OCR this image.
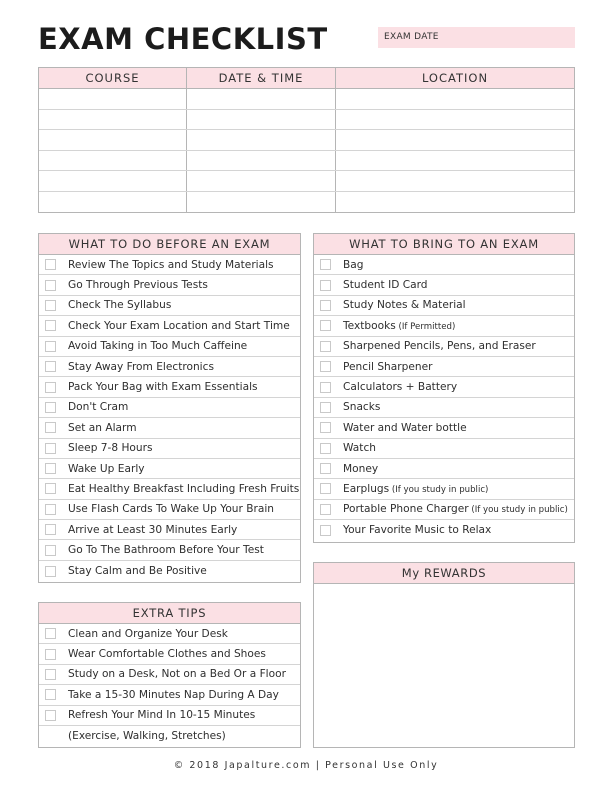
EXAM CHECKLIST	EXAM DATE
COURSE	DATE & TIME	LOCATION
WHAT TO DO BEFORE AN EXAM
Review The Topics and Study Materials
Go Through Previous Tests
Check The Syllabus
Check Your Exam Location and Start Time
Avoid Taking in Too Much Caffeine
Stay Away From Electronics
Pack Your Bag with Exam Essentials
Don't Cram
Set an Alarm
Sleep 7-8 Hours
Wake Up Early
Eat Healthy Breakfast Including Fresh Fruits
Use Flash Cards To Wake Up Your Brain
Arrive at Least 30 Minutes Early
Go To The Bathroom Before Your Test
Stay Calm and Be Positive
WHAT TO BRING TO AN EXAM
Bag
Student ID Card
Study Notes & Material
Textbooks (If Permitted)
Sharpened Pencils, Pens, and Eraser
Pencil Sharpener
Calculators + Battery
Snacks
Water and Water bottle
Watch
Money
Earplugs (If you study in public)
Portable Phone Charger (If you study in public)
Your Favorite Music to Relax
My REWARDS
EXTRA TIPS
Clean and Organize Your Desk
Wear Comfortable Clothes and Shoes
Study on a Desk, Not on a Bed Or a Floor
Take a 15-30 Minutes Nap During A Day
Refresh Your Mind In 10-15 Minutes
(Exercise, Walking, Stretches)
© 2018 Japalture.com | Personal Use Only
